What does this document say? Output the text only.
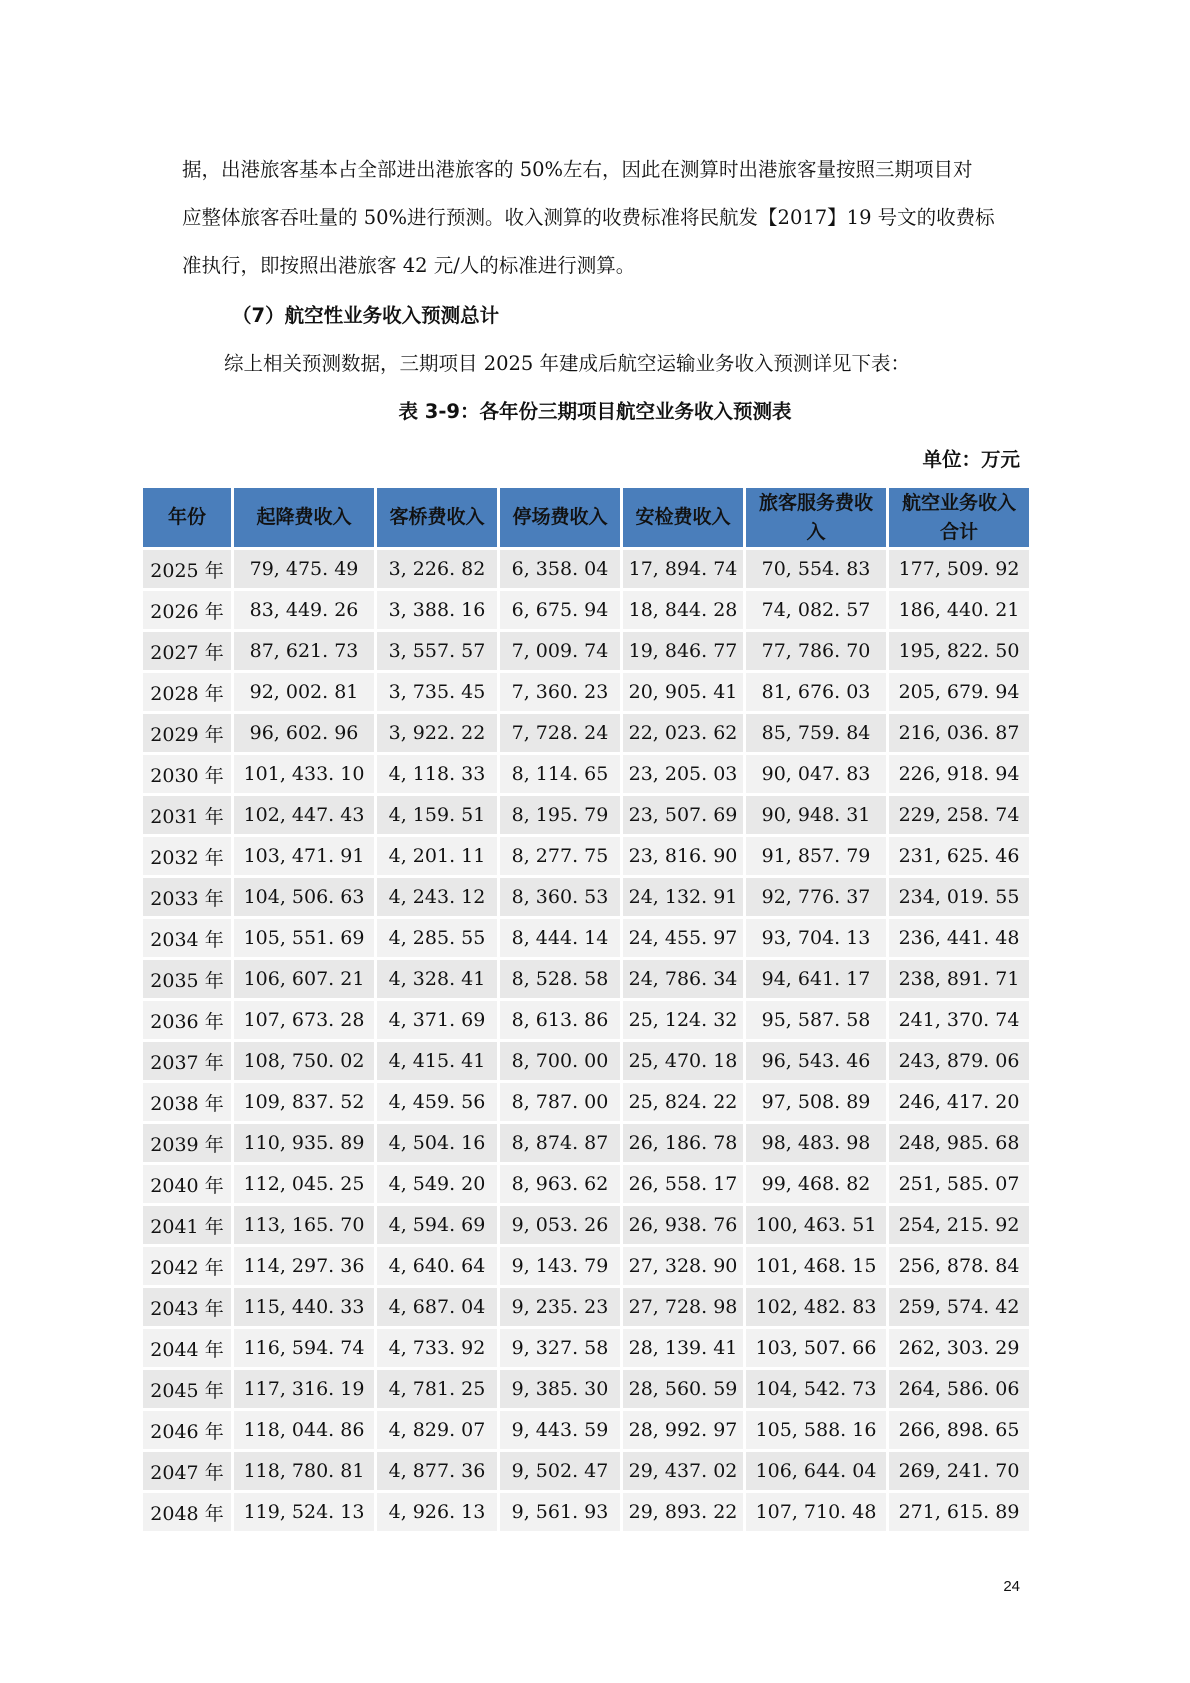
据，出港旅客基本占全部进出港旅客的 50%左右，因此在测算时出港旅客量按照三期项目对

应整体旅客吞吐量的 50%进行预测。收入测算的收费标准将民航发【2017】19 号文的收费标

准执行，即按照出港旅客 42 元/人的标准进行测算。

（7）航空性业务收入预测总计
综上相关预测数据，三期项目 2025 年建成后航空运输业务收入预测详见下表：
表 3-9：各年份三期项目航空业务收入预测表
单位：万元
年份	起降费收入	客桥费收入	停场费收入	安检费收入	旅客服务费收入	航空业务收入合计
2025 年	79, 475. 49	3, 226. 82	6, 358. 04	17, 894. 74	70, 554. 83	177, 509. 92
2026 年	83, 449. 26	3, 388. 16	6, 675. 94	18, 844. 28	74, 082. 57	186, 440. 21
2027 年	87, 621. 73	3, 557. 57	7, 009. 74	19, 846. 77	77, 786. 70	195, 822. 50
2028 年	92, 002. 81	3, 735. 45	7, 360. 23	20, 905. 41	81, 676. 03	205, 679. 94
2029 年	96, 602. 96	3, 922. 22	7, 728. 24	22, 023. 62	85, 759. 84	216, 036. 87
2030 年	101, 433. 10	4, 118. 33	8, 114. 65	23, 205. 03	90, 047. 83	226, 918. 94
2031 年	102, 447. 43	4, 159. 51	8, 195. 79	23, 507. 69	90, 948. 31	229, 258. 74
2032 年	103, 471. 91	4, 201. 11	8, 277. 75	23, 816. 90	91, 857. 79	231, 625. 46
2033 年	104, 506. 63	4, 243. 12	8, 360. 53	24, 132. 91	92, 776. 37	234, 019. 55
2034 年	105, 551. 69	4, 285. 55	8, 444. 14	24, 455. 97	93, 704. 13	236, 441. 48
2035 年	106, 607. 21	4, 328. 41	8, 528. 58	24, 786. 34	94, 641. 17	238, 891. 71
2036 年	107, 673. 28	4, 371. 69	8, 613. 86	25, 124. 32	95, 587. 58	241, 370. 74
2037 年	108, 750. 02	4, 415. 41	8, 700. 00	25, 470. 18	96, 543. 46	243, 879. 06
2038 年	109, 837. 52	4, 459. 56	8, 787. 00	25, 824. 22	97, 508. 89	246, 417. 20
2039 年	110, 935. 89	4, 504. 16	8, 874. 87	26, 186. 78	98, 483. 98	248, 985. 68
2040 年	112, 045. 25	4, 549. 20	8, 963. 62	26, 558. 17	99, 468. 82	251, 585. 07
2041 年	113, 165. 70	4, 594. 69	9, 053. 26	26, 938. 76	100, 463. 51	254, 215. 92
2042 年	114, 297. 36	4, 640. 64	9, 143. 79	27, 328. 90	101, 468. 15	256, 878. 84
2043 年	115, 440. 33	4, 687. 04	9, 235. 23	27, 728. 98	102, 482. 83	259, 574. 42
2044 年	116, 594. 74	4, 733. 92	9, 327. 58	28, 139. 41	103, 507. 66	262, 303. 29
2045 年	117, 316. 19	4, 781. 25	9, 385. 30	28, 560. 59	104, 542. 73	264, 586. 06
2046 年	118, 044. 86	4, 829. 07	9, 443. 59	28, 992. 97	105, 588. 16	266, 898. 65
2047 年	118, 780. 81	4, 877. 36	9, 502. 47	29, 437. 02	106, 644. 04	269, 241. 70
2048 年	119, 524. 13	4, 926. 13	9, 561. 93	29, 893. 22	107, 710. 48	271, 615. 89
24
